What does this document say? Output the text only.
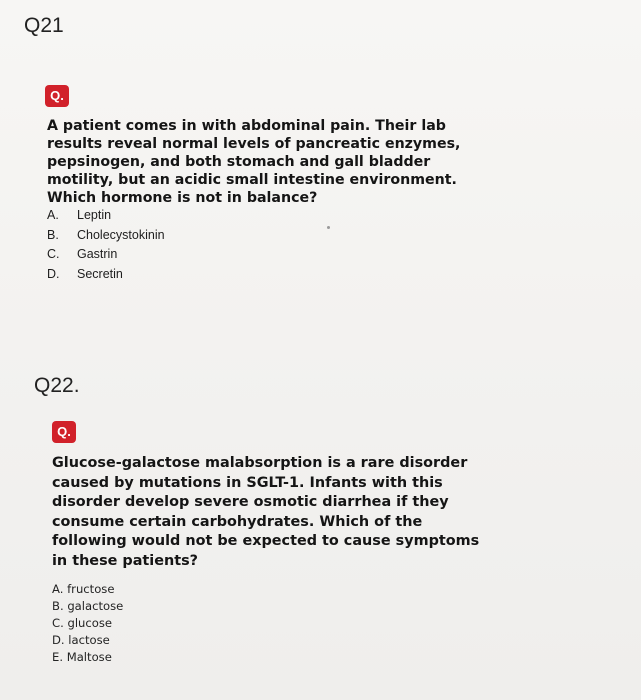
Q21
Q.

A patient comes in with abdominal pain. Their lab results reveal normal levels of pancreatic enzymes, pepsinogen, and both stomach and gall bladder motility, but an acidic small intestine environment. Which hormone is not in balance?

A.	Leptin
B.	Cholecystokinin
C.	Gastrin
D.	Secretin
Q22.
Q.

Glucose-galactose malabsorption is a rare disorder caused by mutations in SGLT-1. Infants with this disorder develop severe osmotic diarrhea if they consume certain carbohydrates. Which of the following would not be expected to cause symptoms in these patients?

A. fructose
B. galactose
C. glucose
D. lactose
E. Maltose
